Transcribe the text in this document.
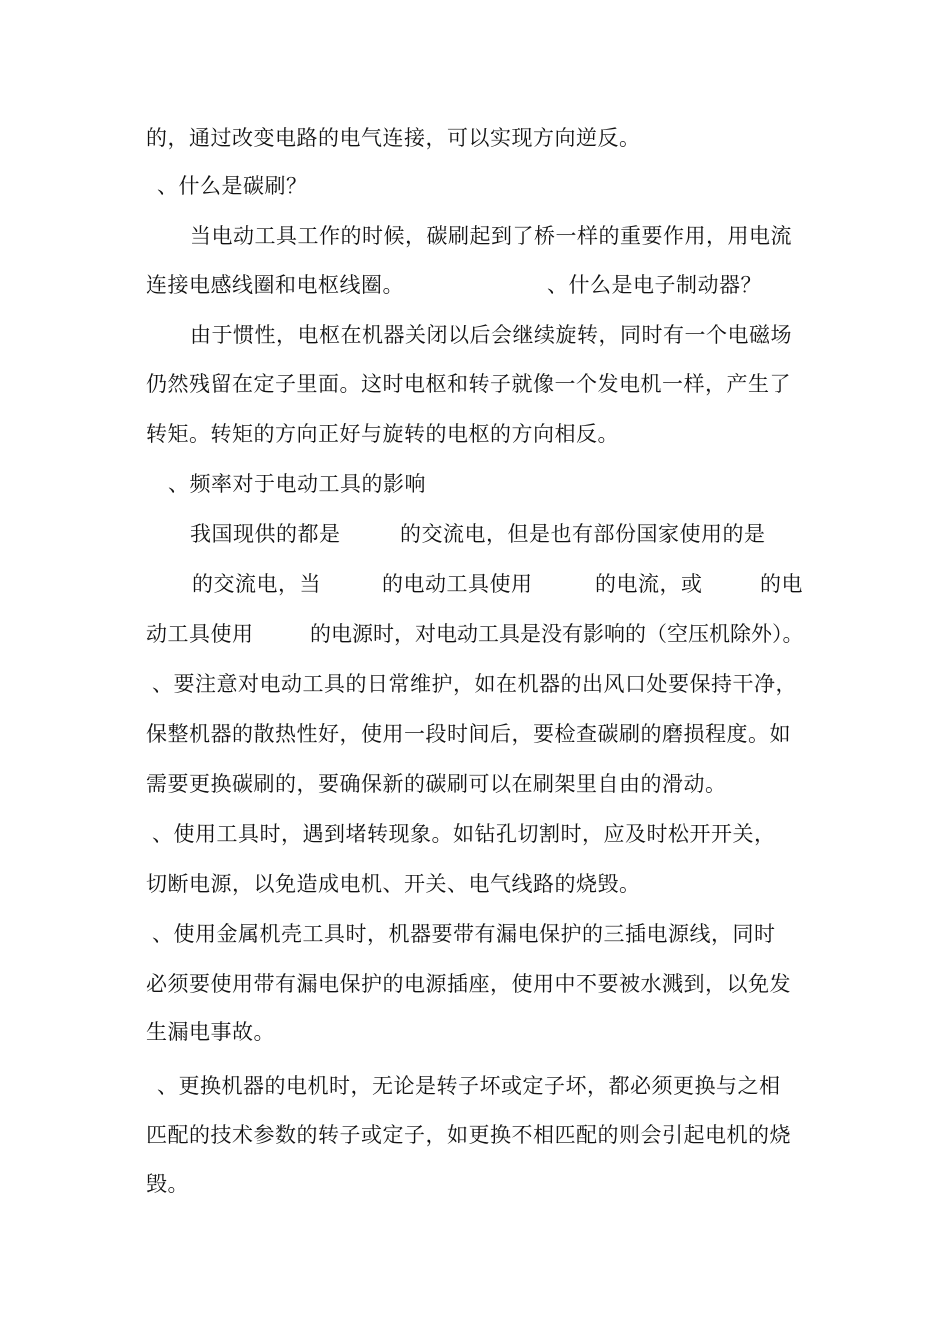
的，通过改变电路的电气连接，可以实现方向逆反。
、什么是碳刷？
当电动工具工作的时候，碳刷起到了桥一样的重要作用，用电流
连接电感线圈和电枢线圈。	、什么是电子制动器？
由于惯性，电枢在机器关闭以后会继续旋转，同时有一个电磁场
仍然残留在定子里面。这时电枢和转子就像一个发电机一样，产生了
转矩。转矩的方向正好与旋转的电枢的方向相反。
、频率对于电动工具的影响
我国现供的都是	的交流电，但是也有部份国家使用的是
的交流电，当	的电动工具使用	的电流，或	的电
动工具使用	的电源时，对电动工具是没有影响的（空压机除外）。
、要注意对电动工具的日常维护，如在机器的出风口处要保持干净，
保整机器的散热性好，使用一段时间后，要检查碳刷的磨损程度。如
需要更换碳刷的，要确保新的碳刷可以在刷架里自由的滑动。
、使用工具时，遇到堵转现象。如钻孔切割时，应及时松开开关，
切断电源，以免造成电机、开关、电气线路的烧毁。
、使用金属机壳工具时，机器要带有漏电保护的三插电源线，同时
必须要使用带有漏电保护的电源插座，使用中不要被水溅到，以免发
生漏电事故。
、更换机器的电机时，无论是转子坏或定子坏，都必须更换与之相
匹配的技术参数的转子或定子，如更换不相匹配的则会引起电机的烧
毁。
